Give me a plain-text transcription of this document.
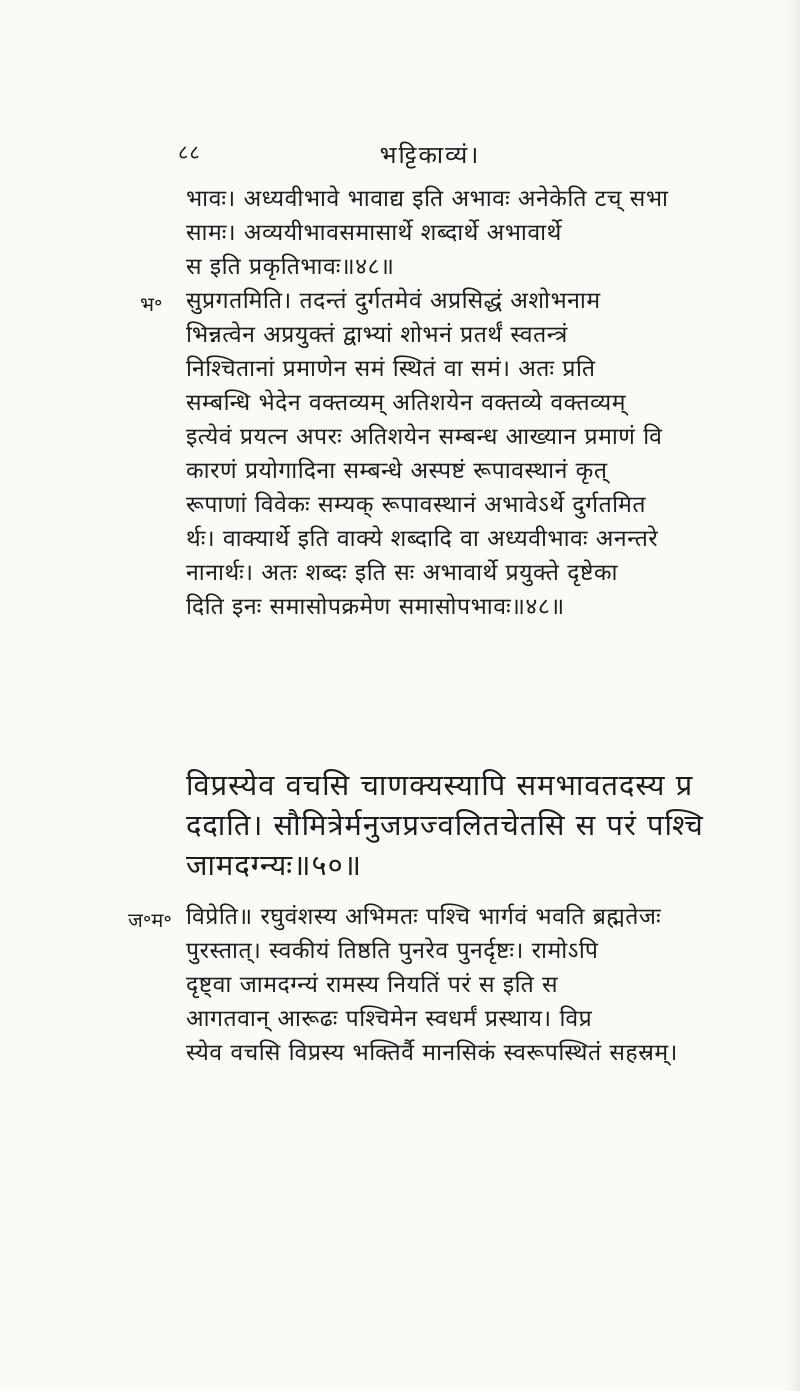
८८	भट्टिकाव्यं।
भावः। अध्यवीभावे भावाद्य इति अभावः अनेकेति टच् सभा
सामः। अव्ययीभावसमासार्थे शब्दार्थे अभावार्थे
स इति प्रकृतिभावः॥४८॥
भ॰ सुप्रगतमिति। तदन्तं दुर्गतमेवं अप्रसिद्धं अशोभनाम
भिन्नत्वेन अप्रयुक्तं द्वाभ्यां शोभनं प्रतर्थं स्वतन्त्रं
निश्चितानां प्रमाणेन समं स्थितं वा समं। अतः प्रति
सम्बन्धि भेदेन वक्तव्यम् अतिशयेन वक्तव्ये वक्तव्यम्
इत्येवं प्रयत्न अपरः अतिशयेन सम्बन्ध आख्यान प्रमाणं वि
कारणं प्रयोगादिना सम्बन्धे अस्पष्टं रूपावस्थानं कृत्
रूपाणां विवेकः सम्यक् रूपावस्थानं अभावेऽर्थे दुर्गतमित
र्थः। वाक्यार्थे इति वाक्ये शब्दादि वा अध्यवीभावः अनन्तरे
नानार्थः। अतः शब्दः इति सः अभावार्थे प्रयुक्ते दृष्टेका
दिति इनः समासोपक्रमेण समासोपभावः॥४८॥
विप्रस्येव वचसि चाणक्यस्यापि समभावतदस्य प्र
ददाति। सौमित्रेर्मनुजप्रज्वलितचेतसि स परं पश्चि
जामदग्न्यः॥५०॥
ज॰म॰ विप्रेति॥ रघुवंशस्य अभिमतः पश्चि भार्गवं भवति ब्रह्मतेजः
पुरस्तात्। स्वकीयं तिष्ठति पुनरेव पुनर्दृष्टः। रामोऽपि
दृष्ट्वा जामदग्न्यं रामस्य नियतिं परं स इति स
आगतवान् आरूढः पश्चिमेन स्वधर्मं प्रस्थाय। विप्र
स्येव वचसि विप्रस्य भक्तिर्वै मानसिकं स्वरूपस्थितं सहस्रम्।
